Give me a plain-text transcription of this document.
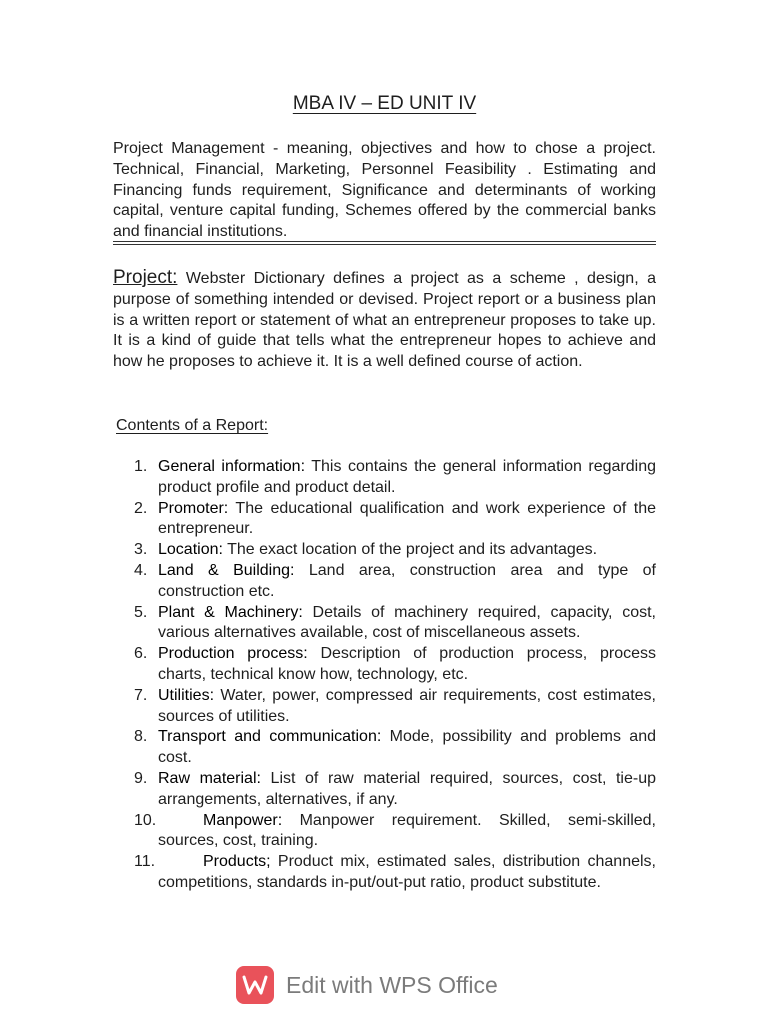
MBA IV – ED UNIT IV
Project Management - meaning, objectives and how to chose a project. Technical, Financial, Marketing, Personnel Feasibility . Estimating and Financing funds requirement, Significance and determinants of working capital, venture capital funding, Schemes offered by the commercial banks and financial institutions.
Project: Webster Dictionary defines a project as a scheme , design, a purpose of something intended or devised. Project report or a business plan is a written report or statement of what an entrepreneur proposes to take up. It is a kind of guide that tells what the entrepreneur hopes to achieve and how he proposes to achieve it. It is a well defined course of action.
Contents of a Report:
1. General information: This contains the general information regarding product profile and product detail.
2. Promoter: The educational qualification and work experience of the entrepreneur.
3. Location: The exact location of the project and its advantages.
4. Land & Building: Land area, construction area and type of construction etc.
5. Plant & Machinery: Details of machinery required, capacity, cost, various alternatives available, cost of miscellaneous assets.
6. Production process: Description of production process, process charts, technical know how, technology, etc.
7. Utilities: Water, power, compressed air requirements, cost estimates, sources of utilities.
8. Transport and communication: Mode, possibility and problems and cost.
9. Raw material: List of raw material required, sources, cost, tie-up arrangements, alternatives, if any.
10.	Manpower: Manpower requirement. Skilled, semi-skilled, sources, cost, training.
11.	Products; Product mix, estimated sales, distribution channels, competitions, standards in-put/out-put ratio, product substitute.
Edit with WPS Office
